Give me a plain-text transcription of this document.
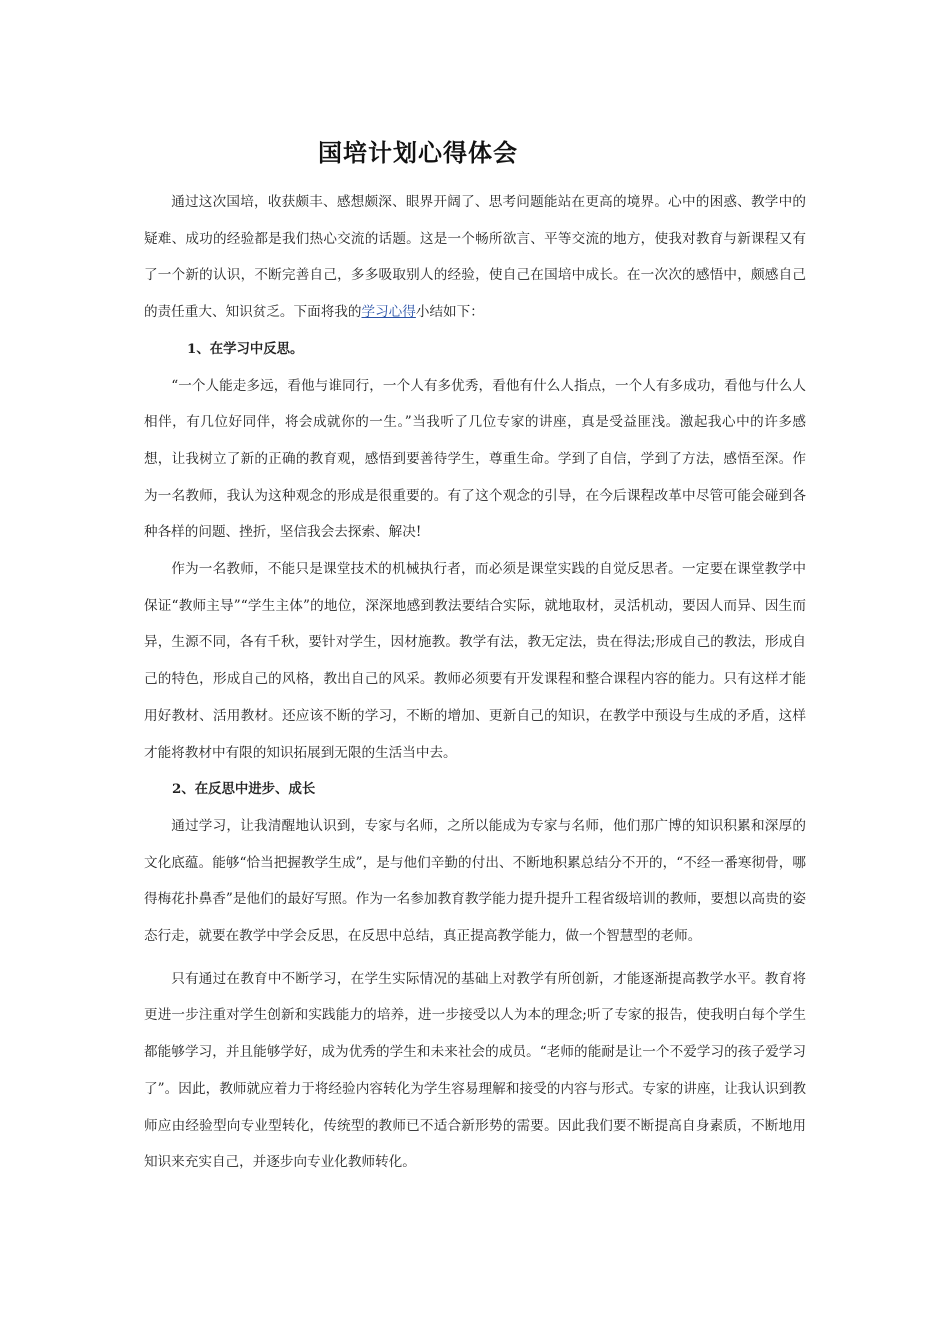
国培计划心得体会

通过这次国培，收获颇丰、感想颇深、眼界开阔了、思考问题能站在更高的境界。心中的困惑、教学中的疑难、成功的经验都是我们热心交流的话题。这是一个畅所欲言、平等交流的地方，使我对教育与新课程又有了一个新的认识，不断完善自己，多多吸取别人的经验，使自己在国培中成长。在一次次的感悟中，颇感自己的责任重大、知识贫乏。下面将我的学习心得小结如下：

1、在学习中反思。

“一个人能走多远，看他与谁同行，一个人有多优秀，看他有什么人指点，一个人有多成功，看他与什么人相伴，有几位好同伴，将会成就你的一生。”当我听了几位专家的讲座，真是受益匪浅。激起我心中的许多感想，让我树立了新的正确的教育观，感悟到要善待学生，尊重生命。学到了自信，学到了方法，感悟至深。作为一名教师，我认为这种观念的形成是很重要的。有了这个观念的引导，在今后课程改革中尽管可能会碰到各种各样的问题、挫折，坚信我会去探索、解决!

作为一名教师，不能只是课堂技术的机械执行者，而必须是课堂实践的自觉反思者。一定要在课堂教学中保证“教师主导”“学生主体”的地位，深深地感到教法要结合实际，就地取材，灵活机动，要因人而异、因生而异，生源不同，各有千秋，要针对学生，因材施教。教学有法，教无定法，贵在得法;形成自己的教法，形成自己的特色，形成自己的风格，教出自己的风采。教师必须要有开发课程和整合课程内容的能力。只有这样才能用好教材、活用教材。还应该不断的学习，不断的增加、更新自己的知识，在教学中预设与生成的矛盾，这样才能将教材中有限的知识拓展到无限的生活当中去。

2、在反思中进步、成长

通过学习，让我清醒地认识到，专家与名师，之所以能成为专家与名师，他们那广博的知识积累和深厚的文化底蕴。能够“恰当把握教学生成”，是与他们辛勤的付出、不断地积累总结分不开的，“不经一番寒彻骨，哪得梅花扑鼻香”是他们的最好写照。作为一名参加教育教学能力提升提升工程省级培训的教师，要想以高贵的姿态行走，就要在教学中学会反思，在反思中总结，真正提高教学能力，做一个智慧型的老师。

只有通过在教育中不断学习，在学生实际情况的基础上对教学有所创新，才能逐渐提高教学水平。教育将更进一步注重对学生创新和实践能力的培养，进一步接受以人为本的理念;听了专家的报告，使我明白每个学生都能够学习，并且能够学好，成为优秀的学生和未来社会的成员。“老师的能耐是让一个不爱学习的孩子爱学习了”。因此，教师就应着力于将经验内容转化为学生容易理解和接受的内容与形式。专家的讲座，让我认识到教师应由经验型向专业型转化，传统型的教师已不适合新形势的需要。因此我们要不断提高自身素质，不断地用知识来充实自己，并逐步向专业化教师转化。
